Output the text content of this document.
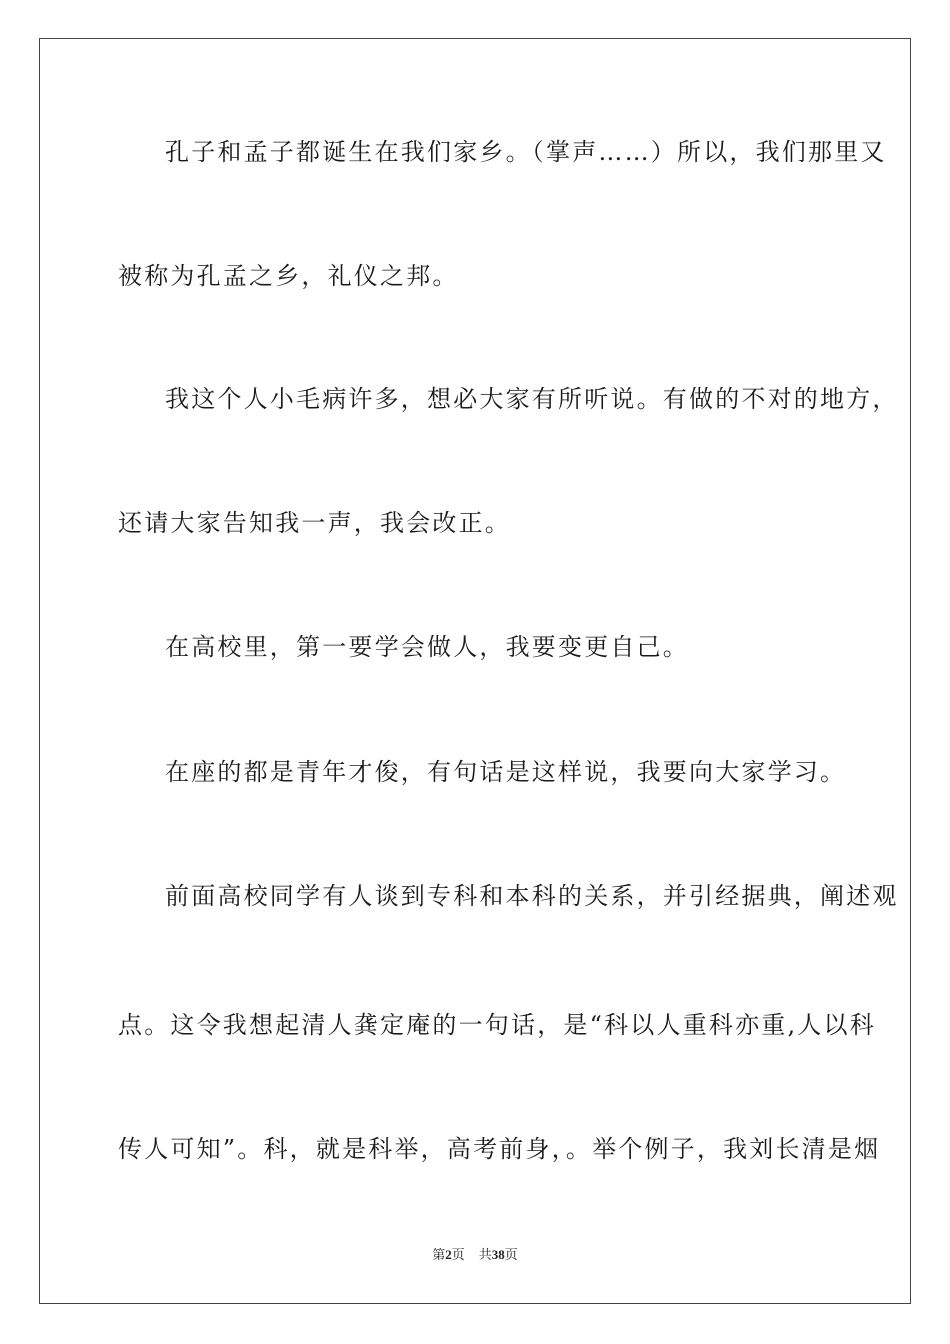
孔子和孟子都诞生在我们家乡。（掌声……）所以，我们那里又
被称为孔孟之乡，礼仪之邦。
我这个人小毛病许多，想必大家有所听说。有做的不对的地方，
还请大家告知我一声，我会改正。
在高校里，第一要学会做人，我要变更自己。
在座的都是青年才俊，有句话是这样说，我要向大家学习。
前面高校同学有人谈到专科和本科的关系，并引经据典，阐述观
点。这令我想起清人龚定庵的一句话，是“科以人重科亦重,人以科
传人可知”。科，就是科举，高考前身，。举个例子，我刘长清是烟
第2页 共38页
